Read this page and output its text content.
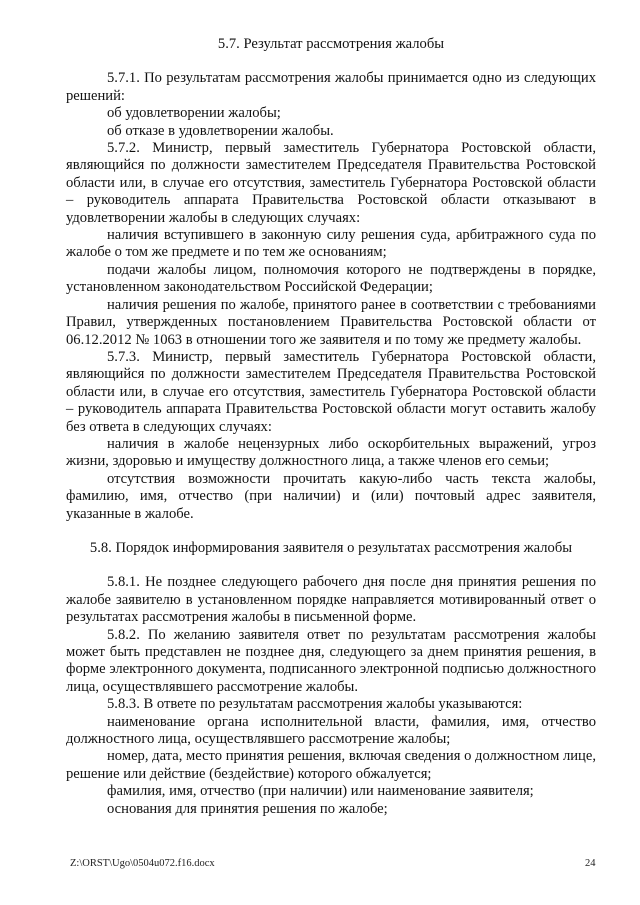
5.7. Результат рассмотрения жалобы

5.7.1. По результатам рассмотрения жалобы принимается одно из следующих решений:

об удовлетворении жалобы;

об отказе в удовлетворении жалобы.

5.7.2. Министр, первый заместитель Губернатора Ростовской области, являющийся по должности заместителем Председателя Правительства Ростовской области или, в случае его отсутствия, заместитель Губернатора Ростовской области – руководитель аппарата Правительства Ростовской области отказывают в удовлетворении жалобы в следующих случаях:

наличия вступившего в законную силу решения суда, арбитражного суда по жалобе о том же предмете и по тем же основаниям;

подачи жалобы лицом, полномочия которого не подтверждены в порядке, установленном законодательством Российской Федерации;

наличия решения по жалобе, принятого ранее в соответствии с требованиями Правил, утвержденных постановлением Правительства Ростовской области от 06.12.2012 № 1063 в отношении того же заявителя и по тому же предмету жалобы.

5.7.3. Министр, первый заместитель Губернатора Ростовской области, являющийся по должности заместителем Председателя Правительства Ростовской области или, в случае его отсутствия, заместитель Губернатора Ростовской области – руководитель аппарата Правительства Ростовской области могут оставить жалобу без ответа в следующих случаях:

наличия в жалобе нецензурных либо оскорбительных выражений, угроз жизни, здоровью и имуществу должностного лица, а также членов его семьи;

отсутствия возможности прочитать какую-либо часть текста жалобы, фамилию, имя, отчество (при наличии) и (или) почтовый адрес заявителя, указанные в жалобе.

5.8. Порядок информирования заявителя о результатах рассмотрения жалобы

5.8.1. Не позднее следующего рабочего дня после дня принятия решения по жалобе заявителю в установленном порядке направляется мотивированный ответ о результатах рассмотрения жалобы в письменной форме.

5.8.2. По желанию заявителя ответ по результатам рассмотрения жалобы может быть представлен не позднее дня, следующего за днем принятия решения, в форме электронного документа, подписанного электронной подписью должностного лица, осуществлявшего рассмотрение жалобы.

5.8.3. В ответе по результатам рассмотрения жалобы указываются:

наименование органа исполнительной власти, фамилия, имя, отчество должностного лица, осуществлявшего рассмотрение жалобы;

номер, дата, место принятия решения, включая сведения о должностном лице, решение или действие (бездействие) которого обжалуется;

фамилия, имя, отчество (при наличии) или наименование заявителя;

основания для принятия решения по жалобе;

Z:\ORST\Ugo\0504u072.f16.docx	24
